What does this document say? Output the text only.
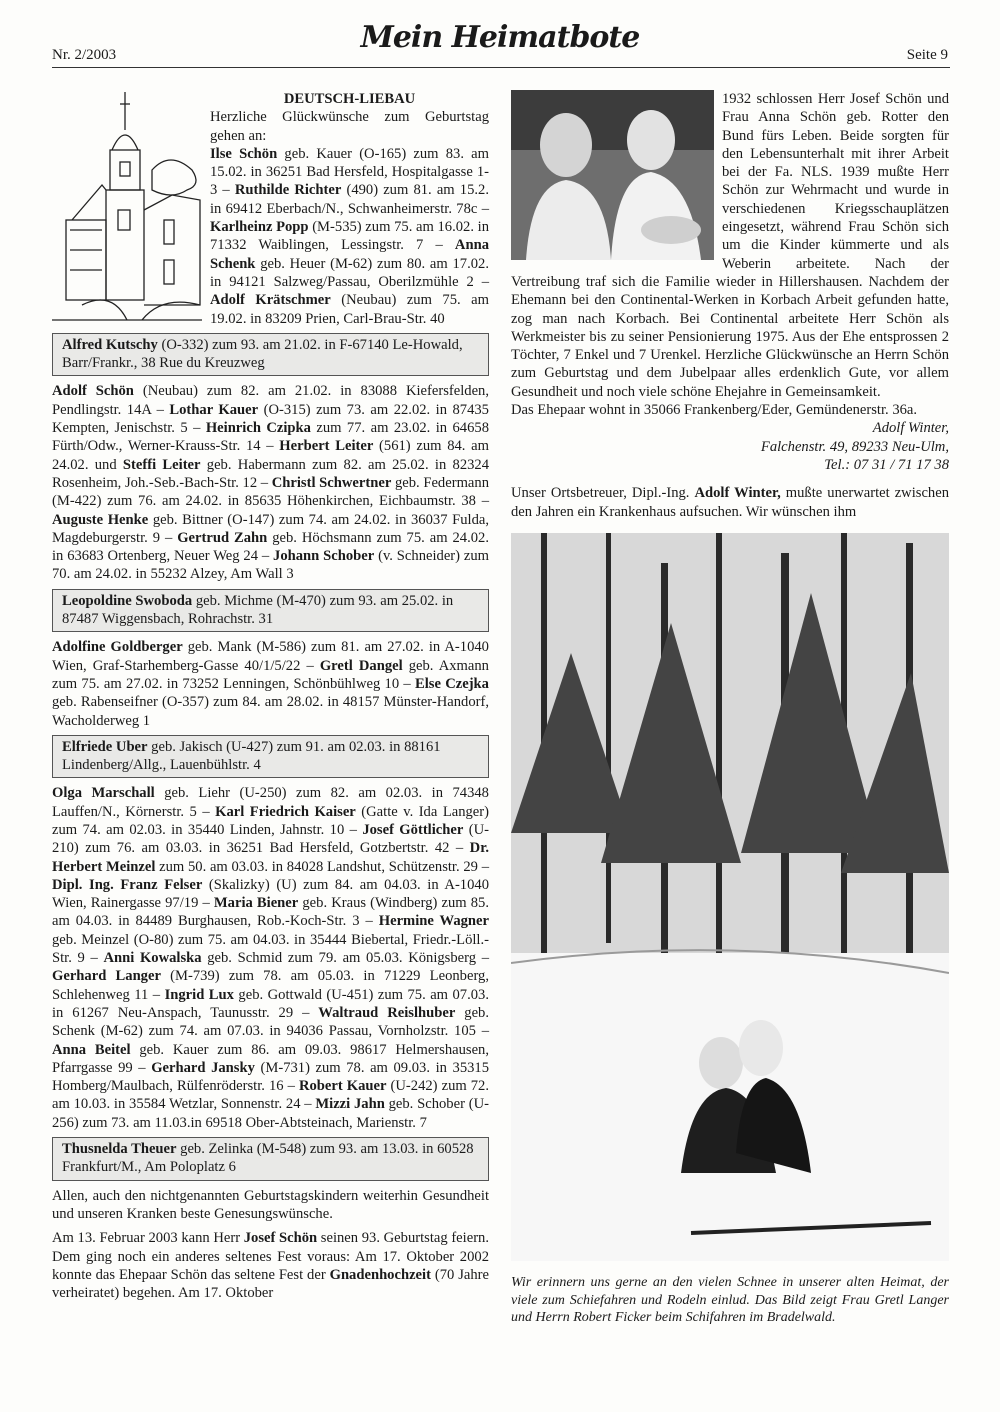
Nr. 2/2003	Mein Heimatbote	Seite 9
DEUTSCH-LIEBAU

Herzliche Glückwünsche zum Geburtstag gehen an:

Ilse Schön geb. Kauer (O-165) zum 83. am 15.02. in 36251 Bad Hersfeld, Hospitalgasse 1-3 – Ruthilde Richter (490) zum 81. am 15.2. in 69412 Eberbach/N., Schwanheimerstr. 78c – Karlheinz Popp (M-535) zum 75. am 16.02. in 71332 Waiblingen, Lessingstr. 7 – Anna Schenk geb. Heuer (M-62) zum 80. am 17.02. in 94121 Salzweg/Passau, Oberilzmühle 2 – Adolf Krätschmer (Neubau) zum 75. am 19.02. in 83209 Prien, Carl-Brau-Str. 40

Alfred Kutschy (O-332) zum 93. am 21.02. in F-67140 Le-Howald, Barr/Frankr., 38 Rue du Kreuzweg

Adolf Schön (Neubau) zum 82. am 21.02. in 83088 Kiefersfelden, Pendlingstr. 14A – Lothar Kauer (O-315) zum 73. am 22.02. in 87435 Kempten, Jenischstr. 5 – Heinrich Czipka zum 77. am 23.02. in 64658 Fürth/Odw., Werner-Krauss-Str. 14 – Herbert Leiter (561) zum 84. am 24.02. und Steffi Leiter geb. Habermann zum 82. am 25.02. in 82324 Rosenheim, Joh.-Seb.-Bach-Str. 12 – Christl Schwertner geb. Federmann (M-422) zum 76. am 24.02. in 85635 Höhenkirchen, Eichbaumstr. 38 – Auguste Henke geb. Bittner (O-147) zum 74. am 24.02. in 36037 Fulda, Magdeburgerstr. 9 – Gertrud Zahn geb. Höchsmann zum 75. am 24.02. in 63683 Ortenberg, Neuer Weg 24 – Johann Schober (v. Schneider) zum 70. am 24.02. in 55232 Alzey, Am Wall 3

Leopoldine Swoboda geb. Michme (M-470) zum 93. am 25.02. in 87487 Wiggensbach, Rohrachstr. 31

Adolfine Goldberger geb. Mank (M-586) zum 81. am 27.02. in A-1040 Wien, Graf-Starhemberg-Gasse 40/1/5/22 – Gretl Dangel geb. Axmann zum 75. am 27.02. in 73252 Lenningen, Schönbühlweg 10 – Else Czejka geb. Rabenseifner (O-357) zum 84. am 28.02. in 48157 Münster-Handorf, Wacholderweg 1

Elfriede Uber geb. Jakisch (U-427) zum 91. am 02.03. in 88161 Lindenberg/Allg., Lauenbühlstr. 4

Olga Marschall geb. Liehr (U-250) zum 82. am 02.03. in 74348 Lauffen/N., Körnerstr. 5 – Karl Friedrich Kaiser (Gatte v. Ida Langer) zum 74. am 02.03. in 35440 Linden, Jahnstr. 10 – Josef Göttlicher (U-210) zum 76. am 03.03. in 36251 Bad Hersfeld, Gotzbertstr. 42 – Dr. Herbert Meinzel zum 50. am 03.03. in 84028 Landshut, Schützenstr. 29 – Dipl. Ing. Franz Felser (Skalizky) (U) zum 84. am 04.03. in A-1040 Wien, Rainergasse 97/19 – Maria Biener geb. Kraus (Windberg) zum 85. am 04.03. in 84489 Burghausen, Rob.-Koch-Str. 3 – Hermine Wagner geb. Meinzel (O-80) zum 75. am 04.03. in 35444 Biebertal, Friedr.-Löll.-Str. 9 – Anni Kowalska geb. Schmid zum 79. am 05.03. Königsberg – Gerhard Langer (M-739) zum 78. am 05.03. in 71229 Leonberg, Schlehenweg 11 – Ingrid Lux geb. Gottwald (U-451) zum 75. am 07.03. in 61267 Neu-Anspach, Taunusstr. 29 – Waltraud Reislhuber geb. Schenk (M-62) zum 74. am 07.03. in 94036 Passau, Vornholzstr. 105 – Anna Beitel geb. Kauer zum 86. am 09.03. 98617 Helmershausen, Pfarrgasse 99 – Gerhard Jansky (M-731) zum 78. am 09.03. in 35315 Homberg/Maulbach, Rülfenröderstr. 16 – Robert Kauer (U-242) zum 72. am 10.03. in 35584 Wetzlar, Sonnenstr. 24 – Mizzi Jahn geb. Schober (U-256) zum 73. am 11.03.in 69518 Ober-Abtsteinach, Marienstr. 7

Thusnelda Theuer geb. Zelinka (M-548) zum 93. am 13.03. in 60528 Frankfurt/M., Am Poloplatz 6

Allen, auch den nichtgenannten Geburtstagskindern weiterhin Gesundheit und unseren Kranken beste Genesungswünsche.

Am 13. Februar 2003 kann Herr Josef Schön seinen 93. Geburtstag feiern. Dem ging noch ein anderes seltenes Fest voraus: Am 17. Oktober 2002 konnte das Ehepaar Schön das seltene Fest der Gnadenhochzeit (70 Jahre verheiratet) begehen. Am 17. Oktober

1932 schlossen Herr Josef Schön und Frau Anna Schön geb. Rotter den Bund fürs Leben. Beide sorgten für den Lebensunterhalt mit ihrer Arbeit bei der Fa. NLS. 1939 mußte Herr Schön zur Wehrmacht und wurde in verschiedenen Kriegsschauplätzen eingesetzt, während Frau Schön sich um die Kinder kümmerte und als Weberin arbeitete. Nach der Vertreibung traf sich die Familie wieder in Hillershausen. Nachdem der Ehemann bei den Continental-Werken in Korbach Arbeit gefunden hatte, zog man nach Korbach. Bei Continental arbeitete Herr Schön als Werkmeister bis zu seiner Pensionierung 1975. Aus der Ehe entsprossen 2 Töchter, 7 Enkel und 7 Urenkel. Herzliche Glückwünsche an Herrn Schön zum Geburtstag und dem Jubelpaar alles erdenklich Gute, vor allem Gesundheit und noch viele schöne Ehejahre in Gemeinsamkeit.

Das Ehepaar wohnt in 35066 Frankenberg/Eder, Gemündenerstr. 36a.

Adolf Winter,

Falchenstr. 49, 89233 Neu-Ulm,

Tel.: 07 31 / 71 17 38

Unser Ortsbetreuer, Dipl.-Ing. Adolf Winter, mußte unerwartet zwischen den Jahren ein Krankenhaus aufsuchen. Wir wünschen ihm

Wir erinnern uns gerne an den vielen Schnee in unserer alten Heimat, der viele zum Schiefahren und Rodeln einlud. Das Bild zeigt Frau Gretl Langer und Herrn Robert Ficker beim Schifahren im Bradelwald.
